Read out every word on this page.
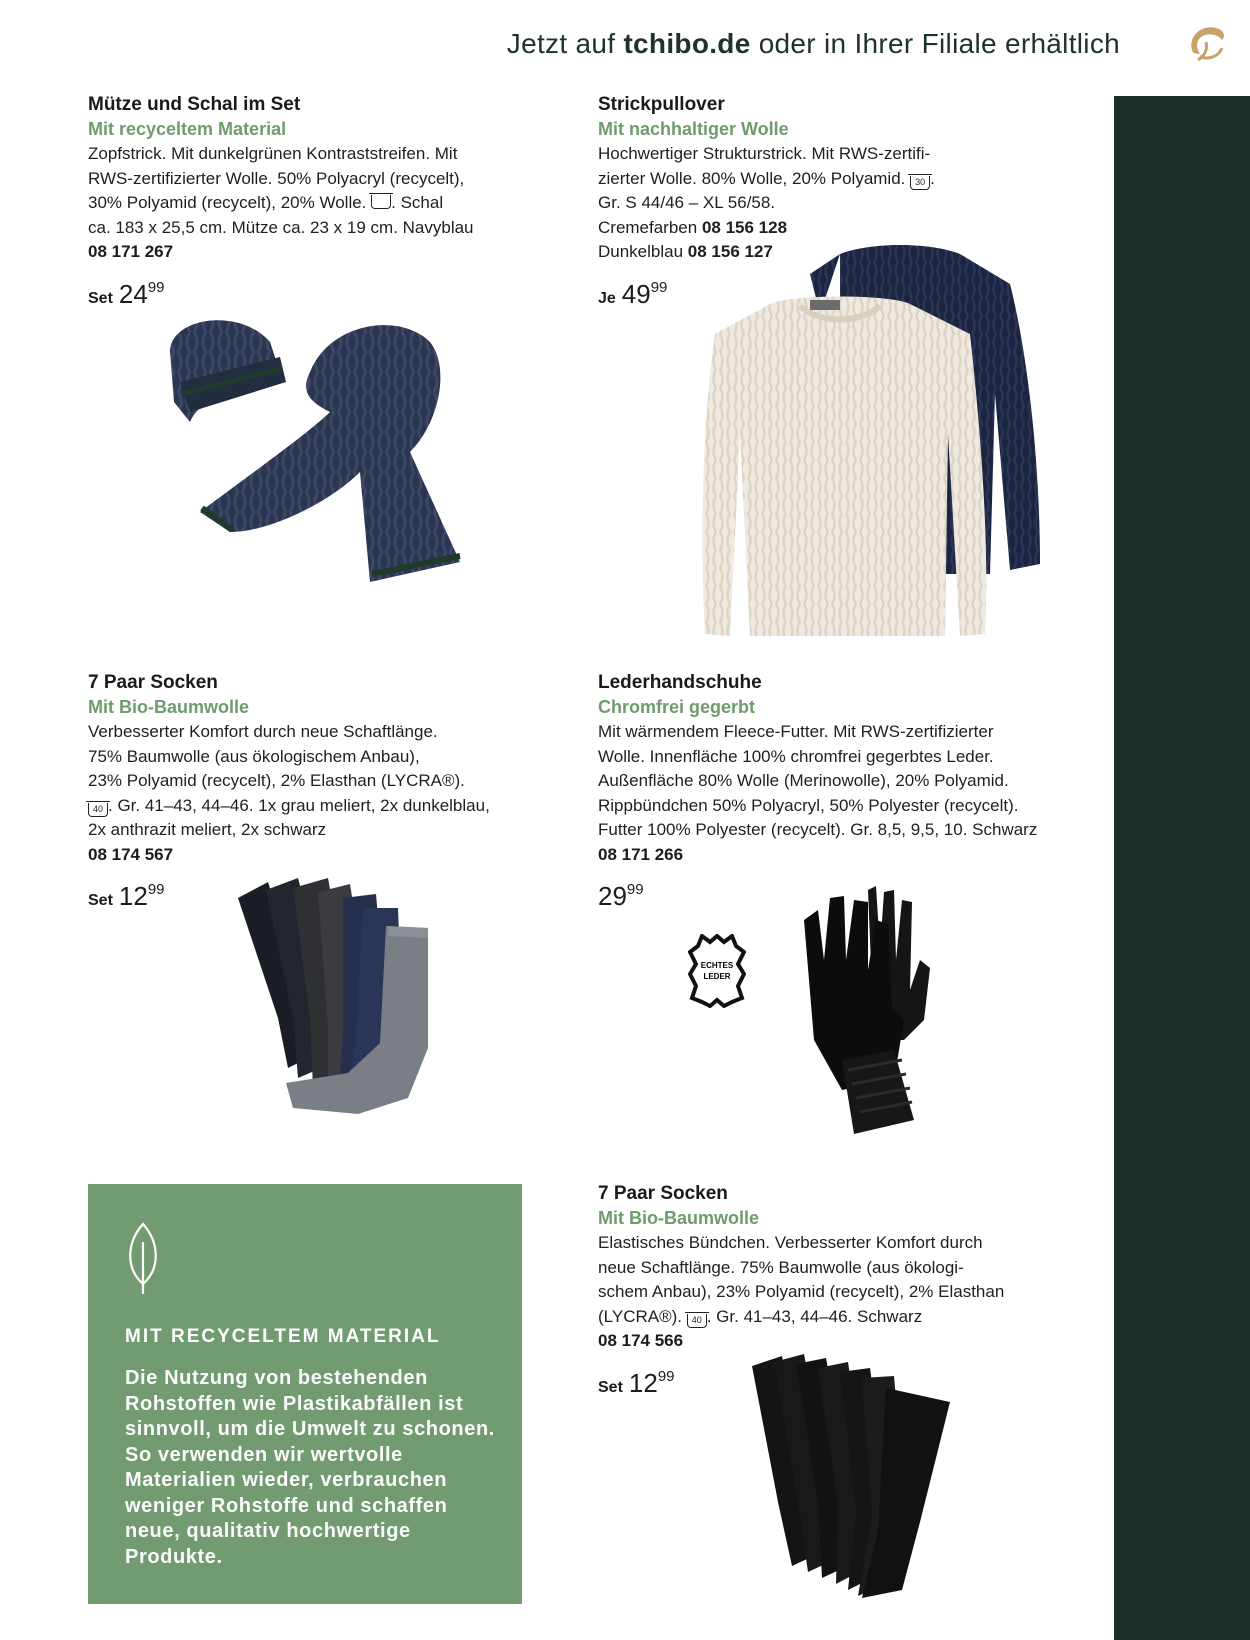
Jetzt auf tchibo.de oder in Ihrer Filiale erhältlich
Mütze und Schal im Set
Mit recyceltem Material
Zopfstrick. Mit dunkelgrünen Kontraststreifen. Mit
RWS-zertifizierter Wolle. 50% Polyacryl (recycelt),
30% Polyamid (recycelt), 20% Wolle. . Schal
ca. 183 x 25,5 cm. Mütze ca. 23 x 19 cm. Navyblau
08 171 267
Set $24^{99}$
Strickpullover
Mit nachhaltiger Wolle
Hochwertiger Strukturstrick. Mit RWS-zertifi-
zierter Wolle. 80% Wolle, 20% Polyamid. 30 .
Gr. S 44/46 – XL 56/58.
Cremefarben 08 156 128
Dunkelblau 08 156 127
Je $49^{99}$
7 Paar Socken
Mit Bio-Baumwolle
Verbesserter Komfort durch neue Schaftlänge.
75% Baumwolle (aus ökologischem Anbau),
23% Polyamid (recycelt), 2% Elasthan (LYCRA®).
40 . Gr. 41–43, 44–46. 1x grau meliert, 2x dunkelblau,
2x anthrazit meliert, 2x schwarz
08 174 567
Set $12^{99}$
Lederhandschuhe
Chromfrei gegerbt
Mit wärmendem Fleece-Futter. Mit RWS-zertifizierter
Wolle. Innenfläche 100% chromfrei gegerbtes Leder.
Außenfläche 80% Wolle (Merinowolle), 20% Polyamid.
Rippbündchen 50% Polyacryl, 50% Polyester (recycelt).
Futter 100% Polyester (recycelt). Gr. 8,5, 9,5, 10. Schwarz
08 171 266
$29^{99}$
ECHTES
LEDER
MIT RECYCELTEM MATERIAL
Die Nutzung von bestehenden Rohstoffen wie Plastikabfällen ist sinnvoll, um die Umwelt zu schonen. So verwenden wir wertvolle Materialien wieder, verbrauchen weniger Rohstoffe und schaffen neue, qualitativ hochwertige Produkte.
7 Paar Socken
Mit Bio-Baumwolle
Elastisches Bündchen. Verbesserter Komfort durch
neue Schaftlänge. 75% Baumwolle (aus ökologi-
schem Anbau), 23% Polyamid (recycelt), 2% Elasthan
(LYCRA®). 40 . Gr. 41–43, 44–46. Schwarz
08 174 566
Set $12^{99}$
